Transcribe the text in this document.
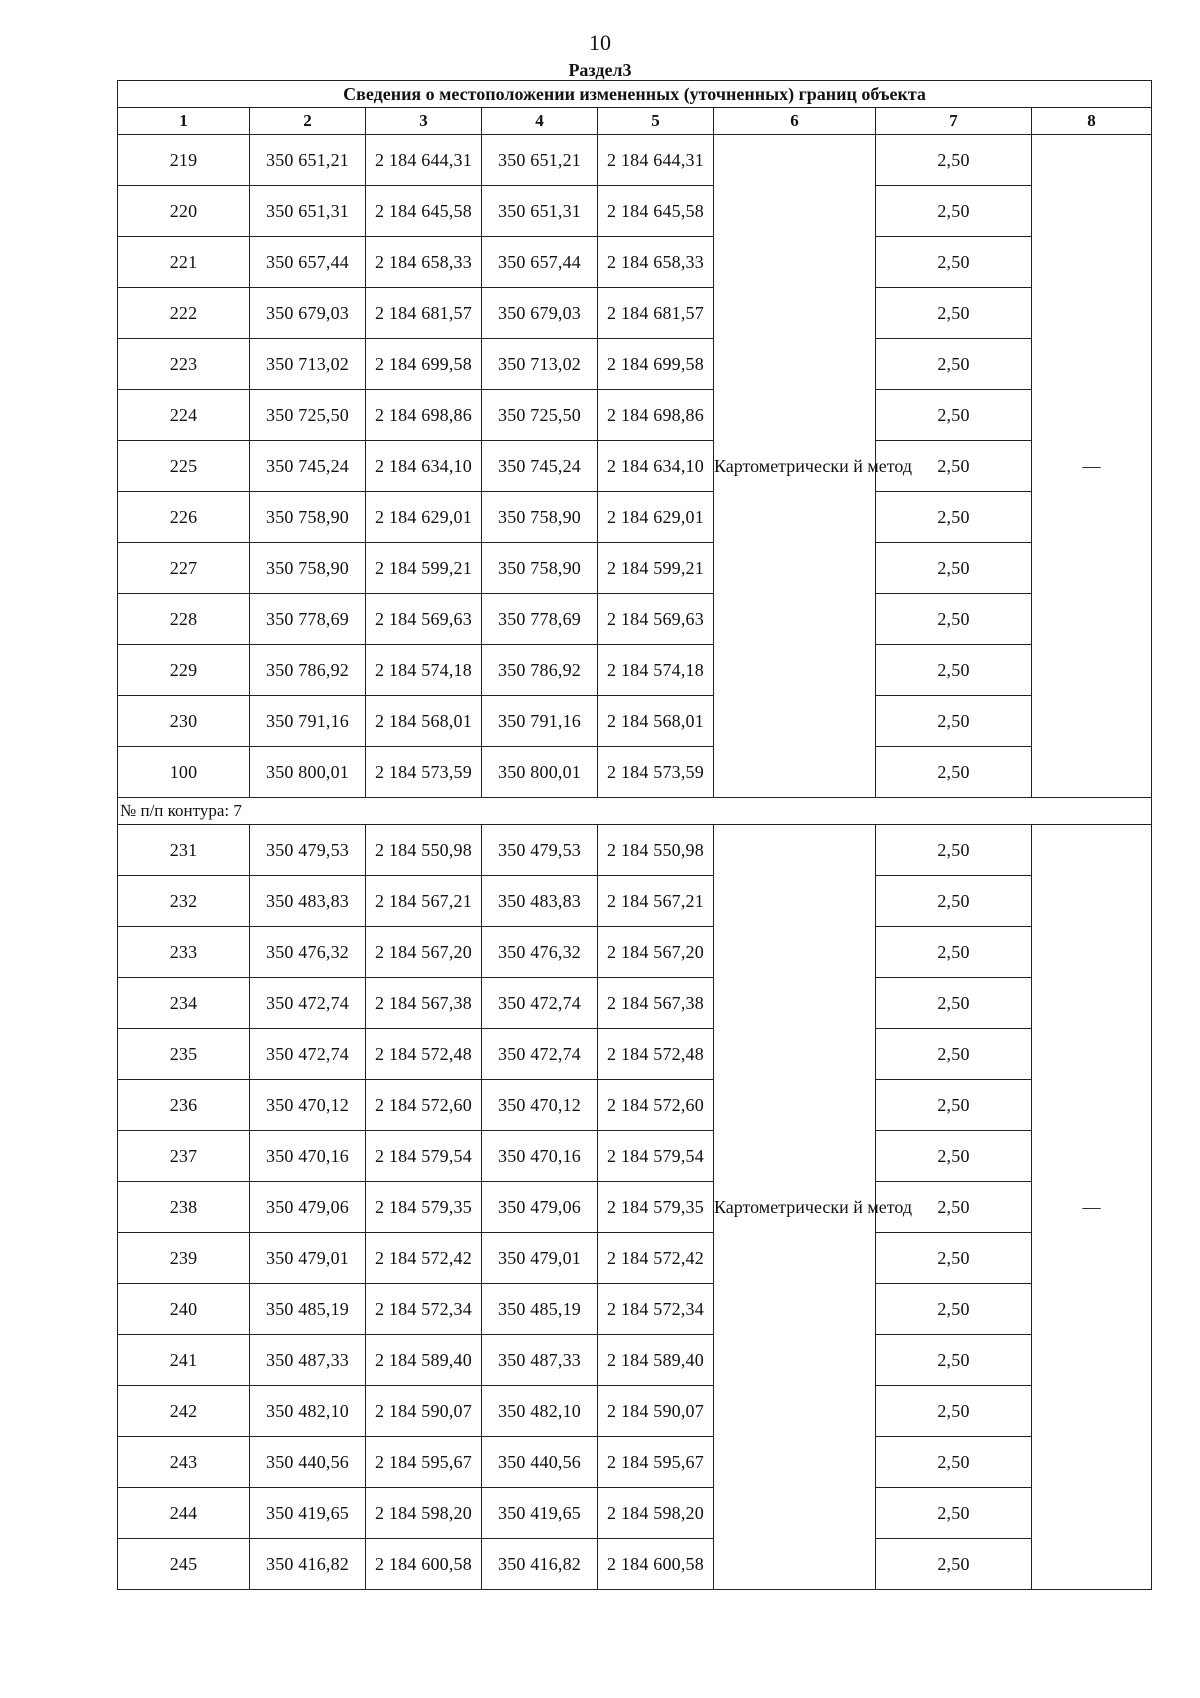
10
Раздел3
Сведения о местоположении измененных (уточненных) границ объекта							
1	2	3	4	5	6	7	8
219	350 651,21	2 184 644,31	350 651,21	2 184 644,31	Картометрически й метод	2,50	—
220	350 651,31	2 184 645,58	350 651,31	2 184 645,58		2,50	
221	350 657,44	2 184 658,33	350 657,44	2 184 658,33		2,50	
222	350 679,03	2 184 681,57	350 679,03	2 184 681,57		2,50	
223	350 713,02	2 184 699,58	350 713,02	2 184 699,58		2,50	
224	350 725,50	2 184 698,86	350 725,50	2 184 698,86		2,50	
225	350 745,24	2 184 634,10	350 745,24	2 184 634,10		2,50	
226	350 758,90	2 184 629,01	350 758,90	2 184 629,01		2,50	
227	350 758,90	2 184 599,21	350 758,90	2 184 599,21		2,50	
228	350 778,69	2 184 569,63	350 778,69	2 184 569,63		2,50	
229	350 786,92	2 184 574,18	350 786,92	2 184 574,18		2,50	
230	350 791,16	2 184 568,01	350 791,16	2 184 568,01		2,50	
100	350 800,01	2 184 573,59	350 800,01	2 184 573,59		2,50	
№ п/п контура: 7							
231	350 479,53	2 184 550,98	350 479,53	2 184 550,98	Картометрически й метод	2,50	—
232	350 483,83	2 184 567,21	350 483,83	2 184 567,21		2,50	
233	350 476,32	2 184 567,20	350 476,32	2 184 567,20		2,50	
234	350 472,74	2 184 567,38	350 472,74	2 184 567,38		2,50	
235	350 472,74	2 184 572,48	350 472,74	2 184 572,48		2,50	
236	350 470,12	2 184 572,60	350 470,12	2 184 572,60		2,50	
237	350 470,16	2 184 579,54	350 470,16	2 184 579,54		2,50	
238	350 479,06	2 184 579,35	350 479,06	2 184 579,35		2,50	
239	350 479,01	2 184 572,42	350 479,01	2 184 572,42		2,50	
240	350 485,19	2 184 572,34	350 485,19	2 184 572,34		2,50	
241	350 487,33	2 184 589,40	350 487,33	2 184 589,40		2,50	
242	350 482,10	2 184 590,07	350 482,10	2 184 590,07		2,50	
243	350 440,56	2 184 595,67	350 440,56	2 184 595,67		2,50	
244	350 419,65	2 184 598,20	350 419,65	2 184 598,20		2,50	
245	350 416,82	2 184 600,58	350 416,82	2 184 600,58		2,50	
